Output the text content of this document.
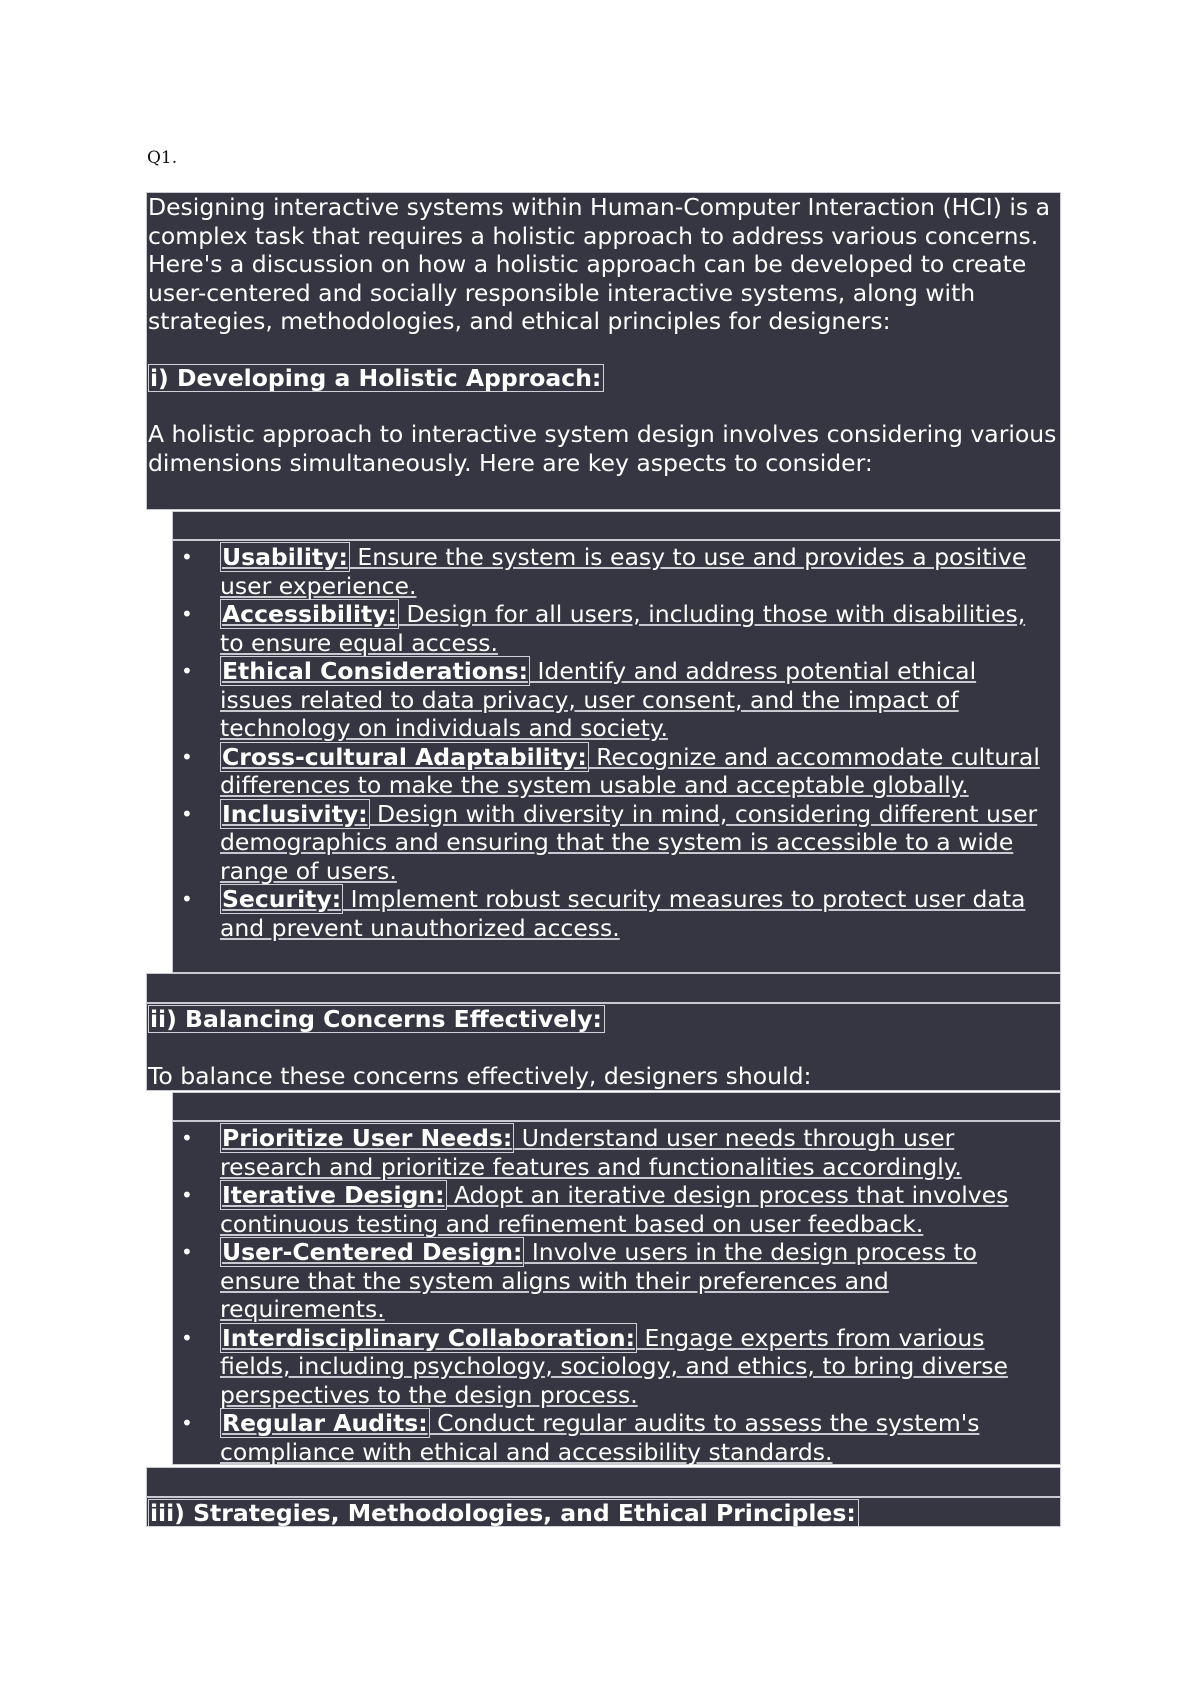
Q1.

Designing interactive systems within Human-Computer Interaction (HCI) is a complex task that requires a holistic approach to address various concerns. Here's a discussion on how a holistic approach can be developed to create user-centered and socially responsible interactive systems, along with strategies, methodologies, and ethical principles for designers:

i) Developing a Holistic Approach:

A holistic approach to interactive system design involves considering various dimensions simultaneously. Here are key aspects to consider:

• Usability: Ensure the system is easy to use and provides a positive user experience.
• Accessibility: Design for all users, including those with disabilities, to ensure equal access.
• Ethical Considerations: Identify and address potential ethical issues related to data privacy, user consent, and the impact of technology on individuals and society.
• Cross-cultural Adaptability: Recognize and accommodate cultural differences to make the system usable and acceptable globally.
• Inclusivity: Design with diversity in mind, considering different user demographics and ensuring that the system is accessible to a wide range of users.
• Security: Implement robust security measures to protect user data and prevent unauthorized access.

ii) Balancing Concerns Effectively:

To balance these concerns effectively, designers should:

• Prioritize User Needs: Understand user needs through user research and prioritize features and functionalities accordingly.
• Iterative Design: Adopt an iterative design process that involves continuous testing and refinement based on user feedback.
• User-Centered Design: Involve users in the design process to ensure that the system aligns with their preferences and requirements.
• Interdisciplinary Collaboration: Engage experts from various fields, including psychology, sociology, and ethics, to bring diverse perspectives to the design process.
• Regular Audits: Conduct regular audits to assess the system's compliance with ethical and accessibility standards.

iii) Strategies, Methodologies, and Ethical Principles:
